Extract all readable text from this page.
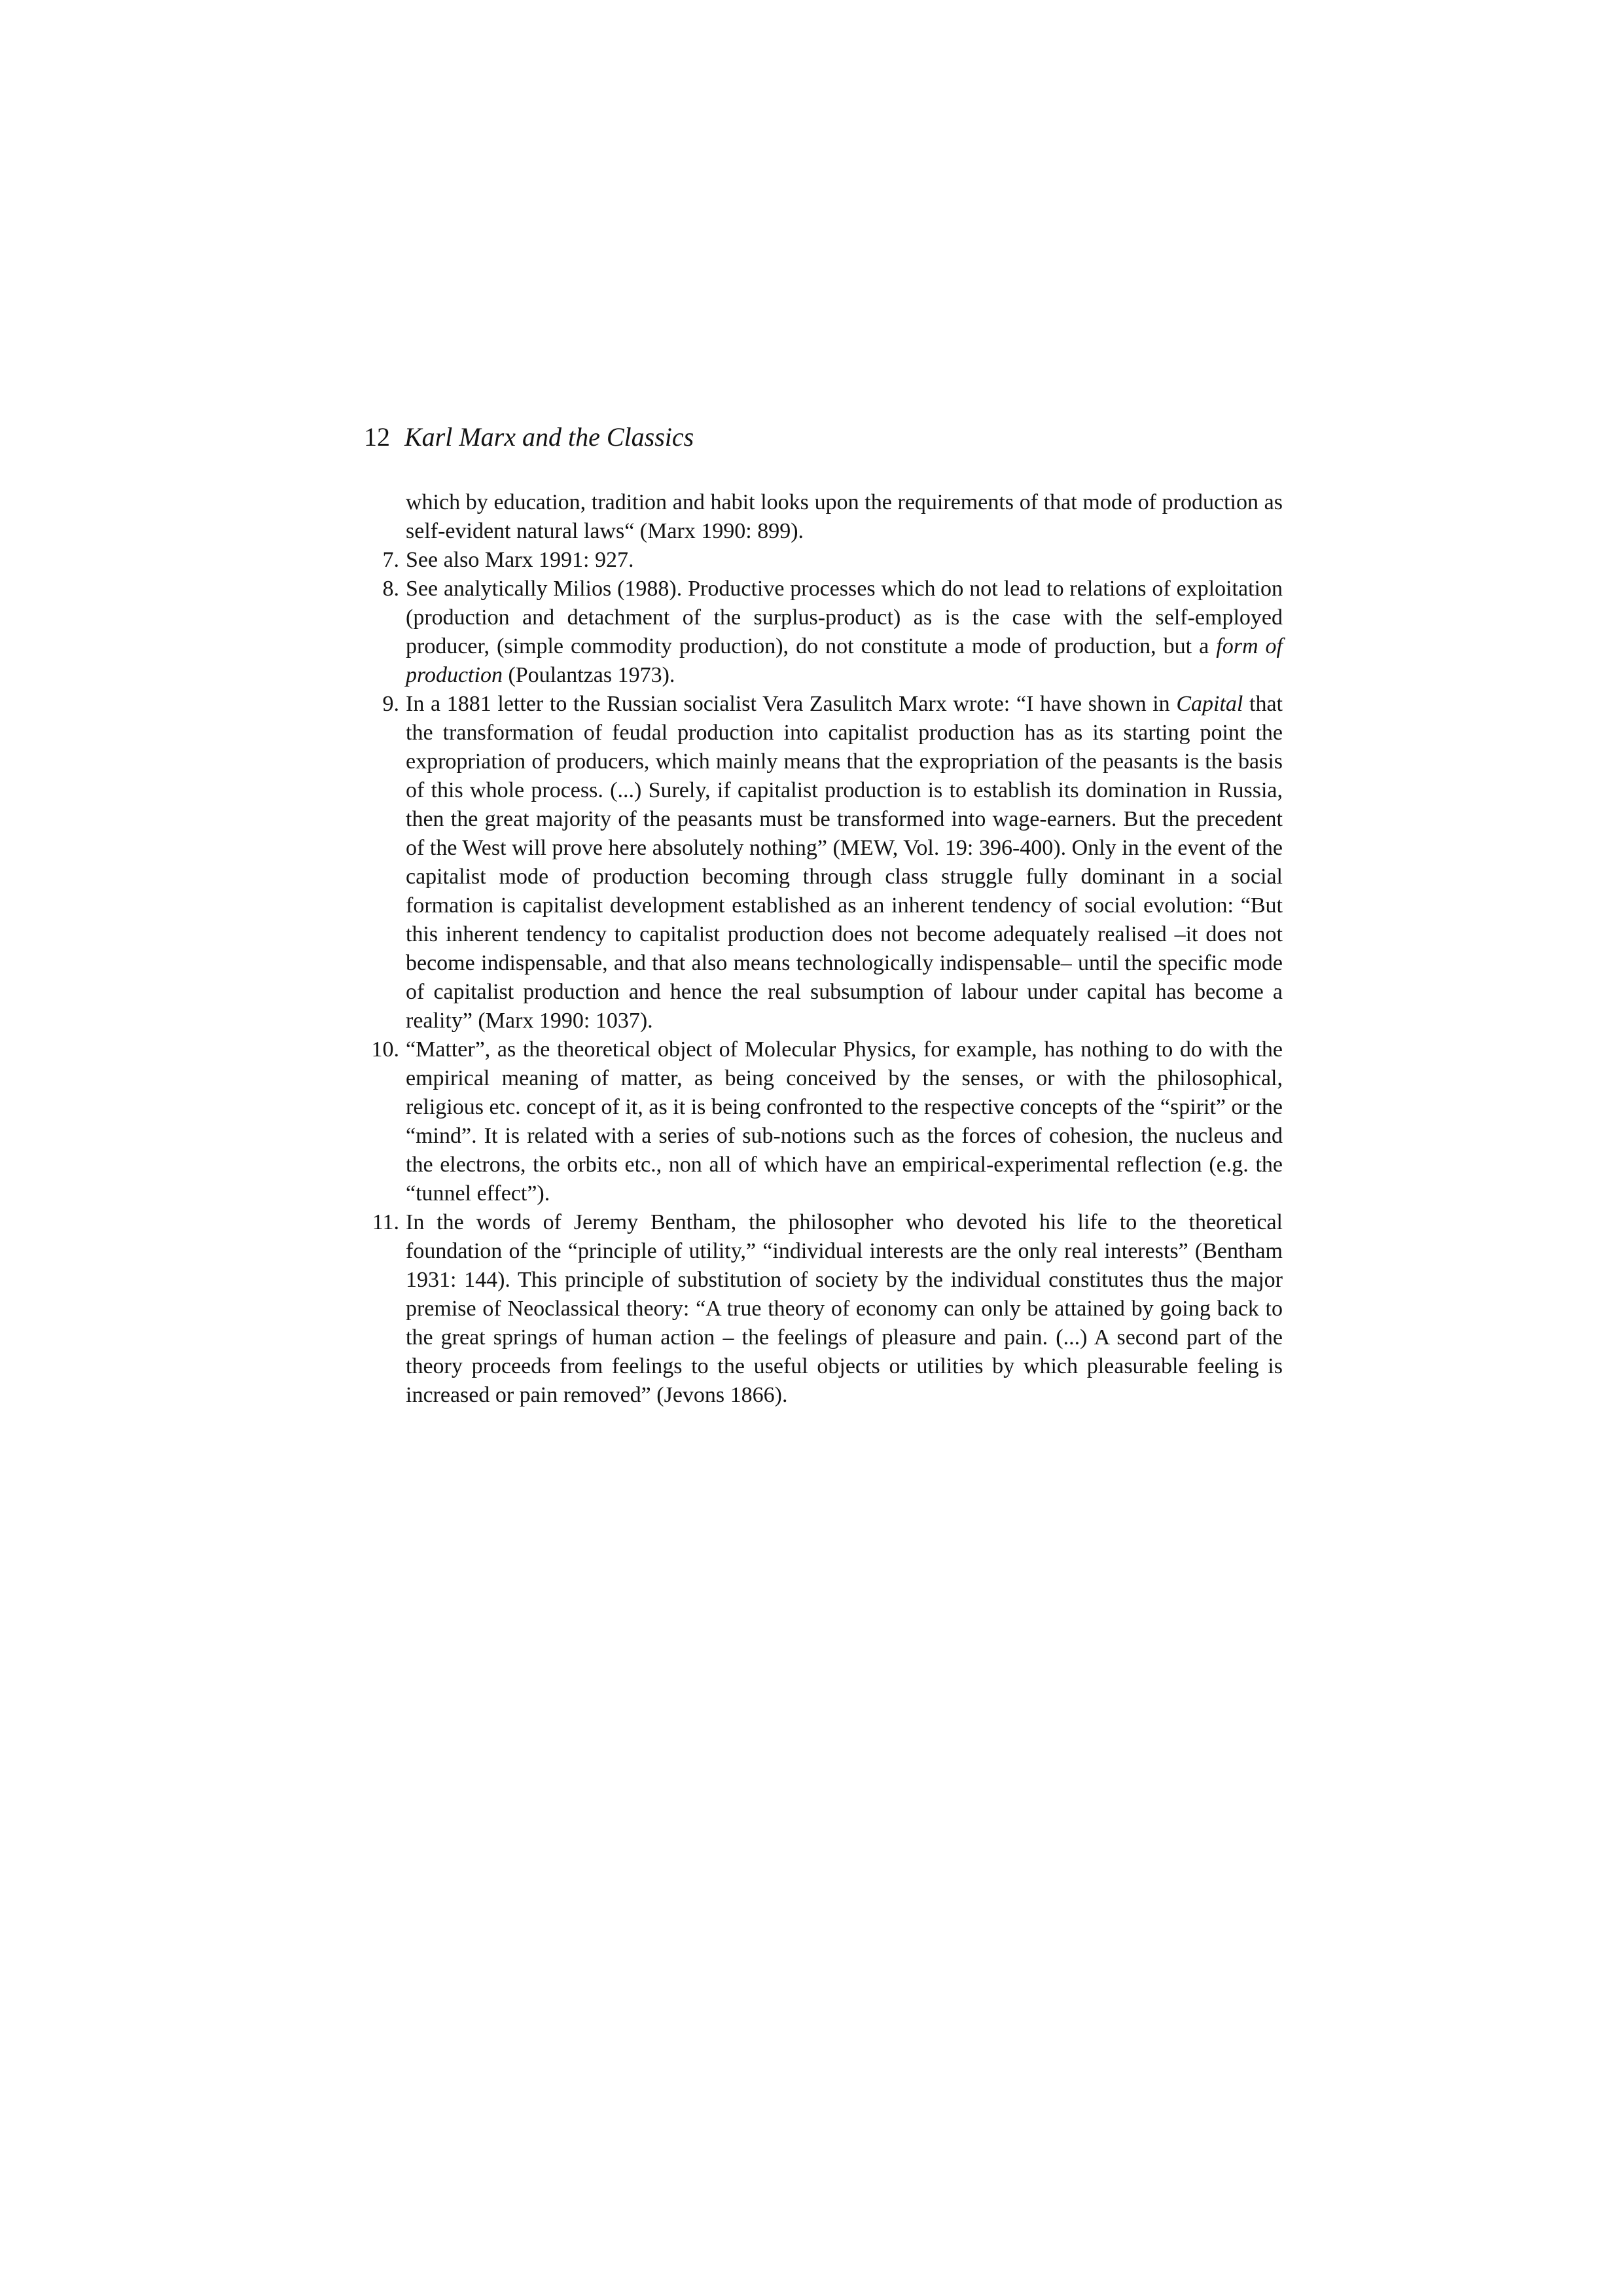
12 Karl Marx and the Classics

which by education, tradition and habit looks upon the requirements of that mode of production as self-evident natural laws“ (Marx 1990: 899).

7. See also Marx 1991: 927.

8. See analytically Milios (1988). Productive processes which do not lead to relations of exploitation (production and detachment of the surplus-product) as is the case with the self-employed producer, (simple commodity production), do not constitute a mode of production, but a form of production (Poulantzas 1973).

9. In a 1881 letter to the Russian socialist Vera Zasulitch Marx wrote: “I have shown in Capital that the transformation of feudal production into capitalist production has as its starting point the expropriation of producers, which mainly means that the expropriation of the peasants is the basis of this whole process. (...) Surely, if capitalist production is to establish its domination in Russia, then the great majority of the peasants must be transformed into wage-earners. But the precedent of the West will prove here absolutely nothing” (MEW, Vol. 19: 396-400). Only in the event of the capitalist mode of production becoming through class struggle fully dominant in a social formation is capitalist development established as an inherent tendency of social evolution: “But this inherent tendency to capitalist production does not become adequately realised –it does not become indispensable, and that also means technologically indispensable– until the specific mode of capitalist production and hence the real subsumption of labour under capital has become a reality” (Marx 1990: 1037).

10. “Matter”, as the theoretical object of Molecular Physics, for example, has nothing to do with the empirical meaning of matter, as being conceived by the senses, or with the philosophical, religious etc. concept of it, as it is being confronted to the respective concepts of the “spirit” or the “mind”. It is related with a series of sub-notions such as the forces of cohesion, the nucleus and the electrons, the orbits etc., non all of which have an empirical-experimental reflection (e.g. the “tunnel effect”).

11. In the words of Jeremy Bentham, the philosopher who devoted his life to the theoretical foundation of the “principle of utility,” “individual interests are the only real interests” (Bentham 1931: 144). This principle of substitution of society by the individual constitutes thus the major premise of Neoclassical theory: “A true theory of economy can only be attained by going back to the great springs of human action – the feelings of pleasure and pain. (...) A second part of the theory proceeds from feelings to the useful objects or utilities by which pleasurable feeling is increased or pain removed” (Jevons 1866).
